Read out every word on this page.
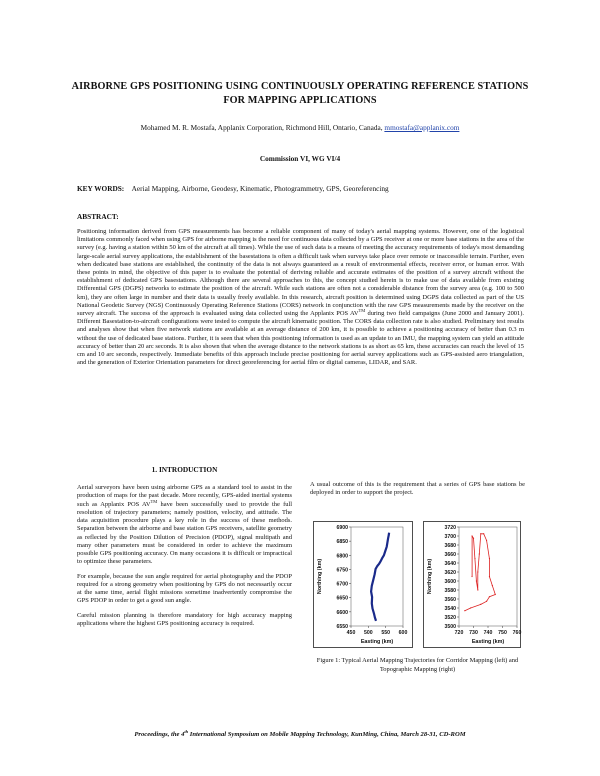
AIRBORNE GPS POSITIONING USING CONTINUOUSLY OPERATING REFERENCE STATIONS FOR MAPPING APPLICATIONS
Mohamed M. R. Mostafa, Applanix Corporation, Richmond Hill, Ontario, Canada, mmostafa@applanix.com
Commission VI, WG VI/4
KEY WORDS: Aerial Mapping, Airborne, Geodesy, Kinematic, Photogrammetry, GPS, Georeferencing
ABSTRACT:
Positioning information derived from GPS measurements has become a reliable component of many of today's aerial mapping systems. However, one of the logistical limitations commonly faced when using GPS for airborne mapping is the need for continuous data collected by a GPS receiver at one or more base stations in the area of the survey (e.g. having a station within 50 km of the aircraft at all times). While the use of such data is a means of meeting the accuracy requirements of today's most demanding large-scale aerial survey applications, the establishment of the basestations is often a difficult task when surveys take place over remote or inaccessible terrain. Further, even when dedicated base stations are established, the continuity of the data is not always guaranteed as a result of environmental effects, receiver error, or human error. With these points in mind, the objective of this paper is to evaluate the potential of deriving reliable and accurate estimates of the position of a survey aircraft without the establishment of dedicated GPS basestations. Although there are several approaches to this, the concept studied herein is to make use of data available from existing Differential GPS (DGPS) networks to estimate the position of the aircraft. While such stations are often not a considerable distance from the survey area (e.g. 100 to 500 km), they are often large in number and their data is usually freely available. In this research, aircraft position is determined using DGPS data collected as part of the US National Geodetic Survey (NGS) Continuously Operating Reference Stations (CORS) network in conjunction with the raw GPS measurements made by the receiver on the survey aircraft. The success of the approach is evaluated using data collected using the Applanix POS AV™ during two field campaigns (June 2000 and January 2001). Different Basestation-to-aircraft configurations were tested to compute the aircraft kinematic position. The CORS data collection rate is also studied. Preliminary test results and analyses show that when five network stations are available at an average distance of 200 km, it is possible to achieve a positioning accuracy of better than 0.3 m without the use of dedicated base stations. Further, it is seen that when this positioning information is used as an update to an IMU, the mapping system can yield an attitude accuracy of better than 20 arc seconds. It is also shown that when the average distance to the network stations is as short as 65 km, these accuracies can reach the level of 15 cm and 10 arc seconds, respectively. Immediate benefits of this approach include precise positioning for aerial survey applications such as GPS-assisted aero triangulation, and the generation of Exterior Orientation parameters for direct georeferencing for aerial film or digital cameras, LIDAR, and SAR.
1. INTRODUCTION

Aerial surveyors have been using airborne GPS as a standard tool to assist in the production of maps for the past decade. More recently, GPS-aided inertial systems such as Applanix POS AV™ have been successfully used to provide the full resolution of trajectory parameters; namely position, velocity, and attitude. The data acquisition procedure plays a key role in the success of these methods. Separation between the airborne and base station GPS receivers, satellite geometry as reflected by the Position Dilution of Precision (PDOP), signal multipath and many other parameters must be considered in order to achieve the maximum possible GPS positioning accuracy. On many occasions it is difficult or impractical to optimize these parameters.

For example, because the sun angle required for aerial photography and the PDOP required for a strong geometry when positioning by GPS do not necessarily occur at the same time, aerial flight missions sometime inadvertently compromise the GPS PDOP in order to get a good sun angle.

Careful mission planning is therefore mandatory for high accuracy mapping applications where the highest GPS positioning accuracy is required.

A usual outcome of this is the requirement that a series of GPS base stations be deployed in order to support the project.

6900
6850
6800
6750
6700
6650
6600
6550
450 500 550 600
Easting (km)
Northing (km)
3720
3700
3680
3660
3640
3620
3600
3580
3560
3540
3520
3500
720 730 740 750 760
Easting (km)
Northing (km)
Figure 1: Typical Aerial Mapping Trajectories for Corridor Mapping (left) and Topographic Mapping (right)
Proceedings, the 4th International Symposium on Mobile Mapping Technology, KunMing, China, March 28-31, CD-ROM
